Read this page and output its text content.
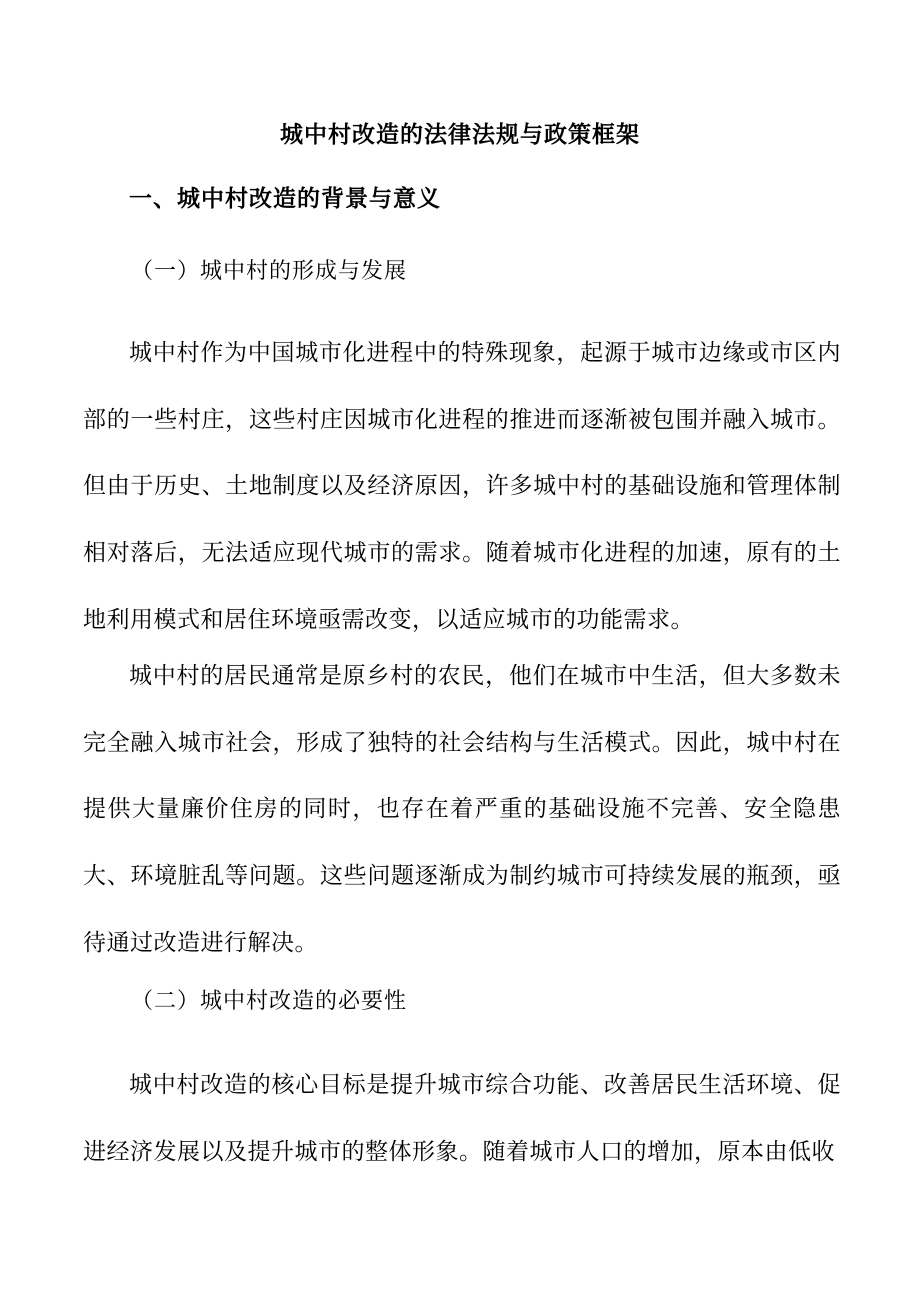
城中村改造的法律法规与政策框架
一、城中村改造的背景与意义
（一）城中村的形成与发展

城中村作为中国城市化进程中的特殊现象，起源于城市边缘或市区内部的一些村庄，这些村庄因城市化进程的推进而逐渐被包围并融入城市。但由于历史、土地制度以及经济原因，许多城中村的基础设施和管理体制相对落后，无法适应现代城市的需求。随着城市化进程的加速，原有的土地利用模式和居住环境亟需改变，以适应城市的功能需求。

城中村的居民通常是原乡村的农民，他们在城市中生活，但大多数未完全融入城市社会，形成了独特的社会结构与生活模式。因此，城中村在提供大量廉价住房的同时，也存在着严重的基础设施不完善、安全隐患大、环境脏乱等问题。这些问题逐渐成为制约城市可持续发展的瓶颈，亟待通过改造进行解决。

（二）城中村改造的必要性

城中村改造的核心目标是提升城市综合功能、改善居民生活环境、促进经济发展以及提升城市的整体形象。随着城市人口的增加，原本由低收
